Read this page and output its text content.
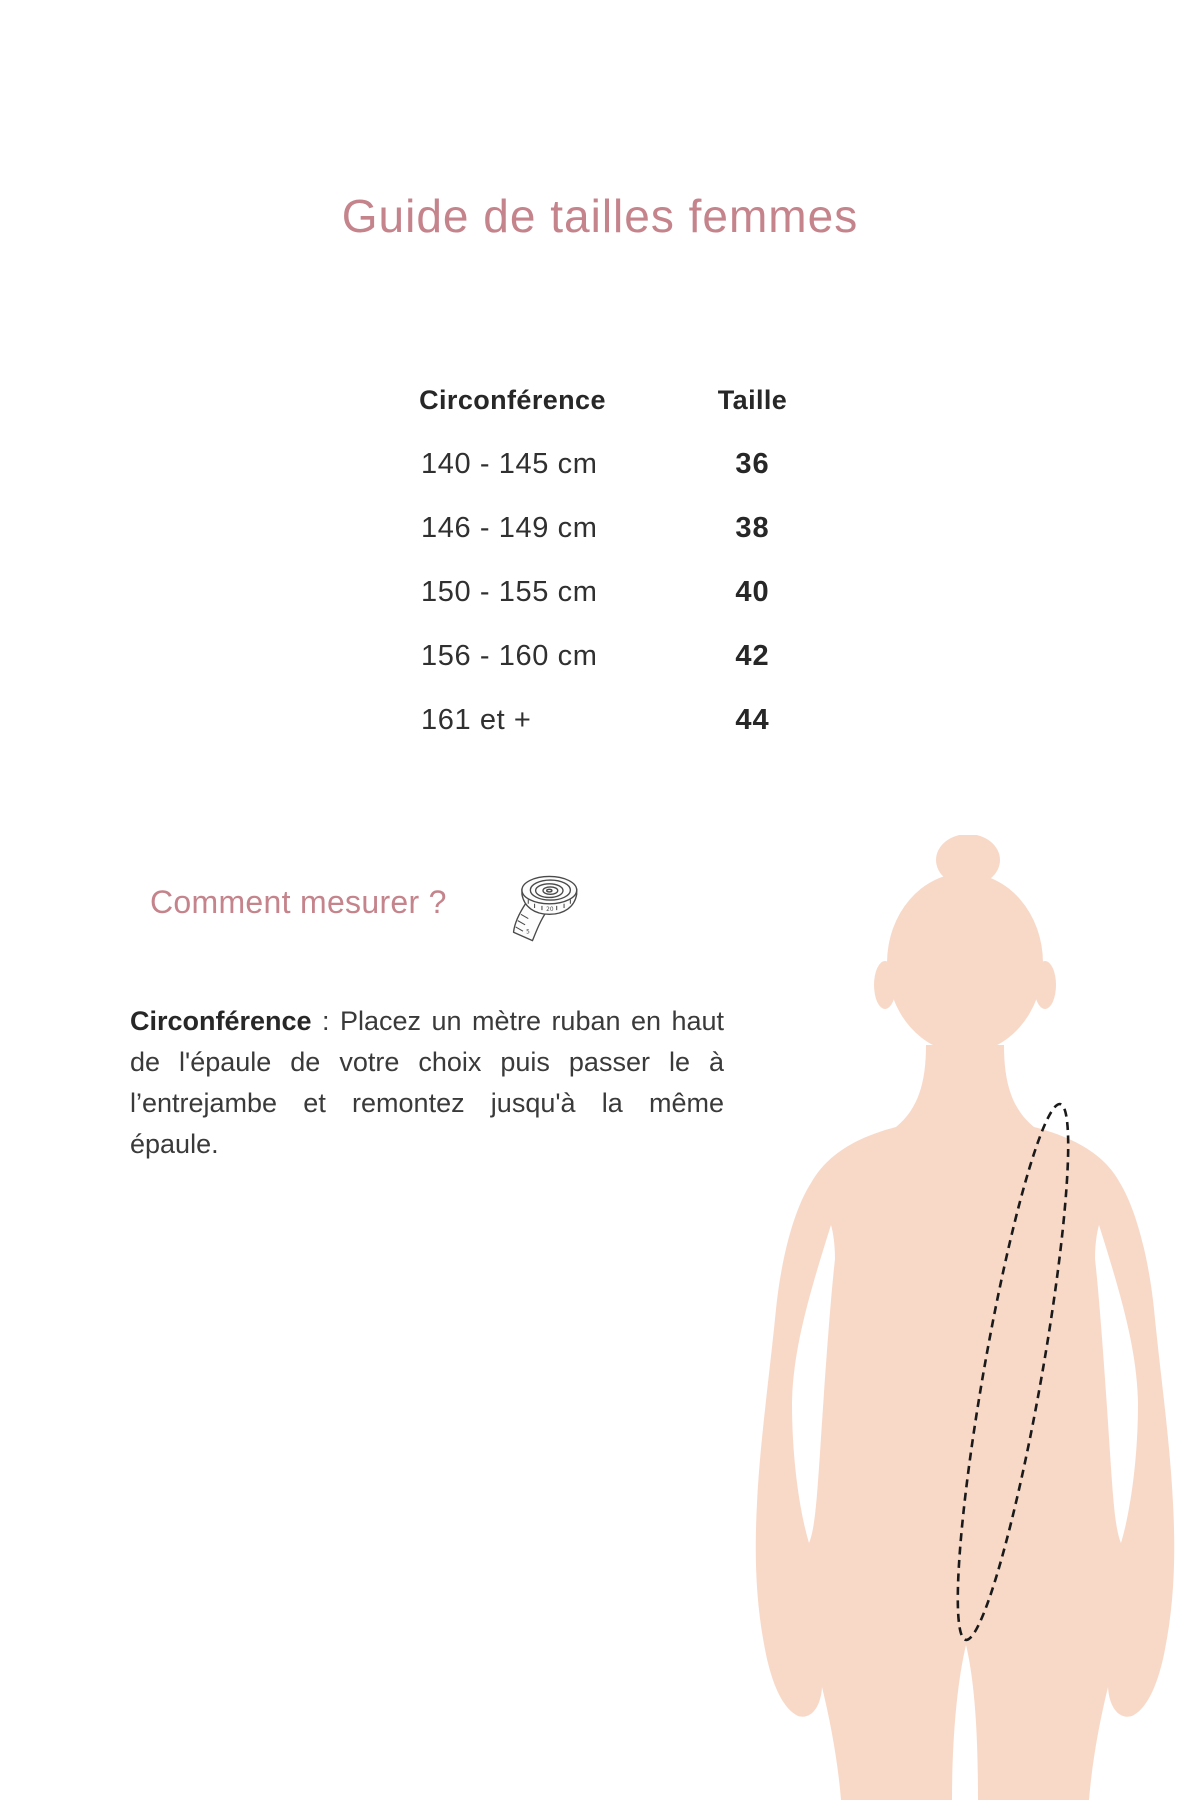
Guide de tailles femmes
Circonférence	Taille
140 - 145 cm	36
146 - 149 cm	38
150 - 155 cm	40
156 - 160 cm	42
161 et +	44
Comment mesurer ?	20
5

Circonférence : Placez un mètre ruban en haut de l'épaule de votre choix puis passer le à l’entrejambe et remontez jusqu'à la même épaule.
